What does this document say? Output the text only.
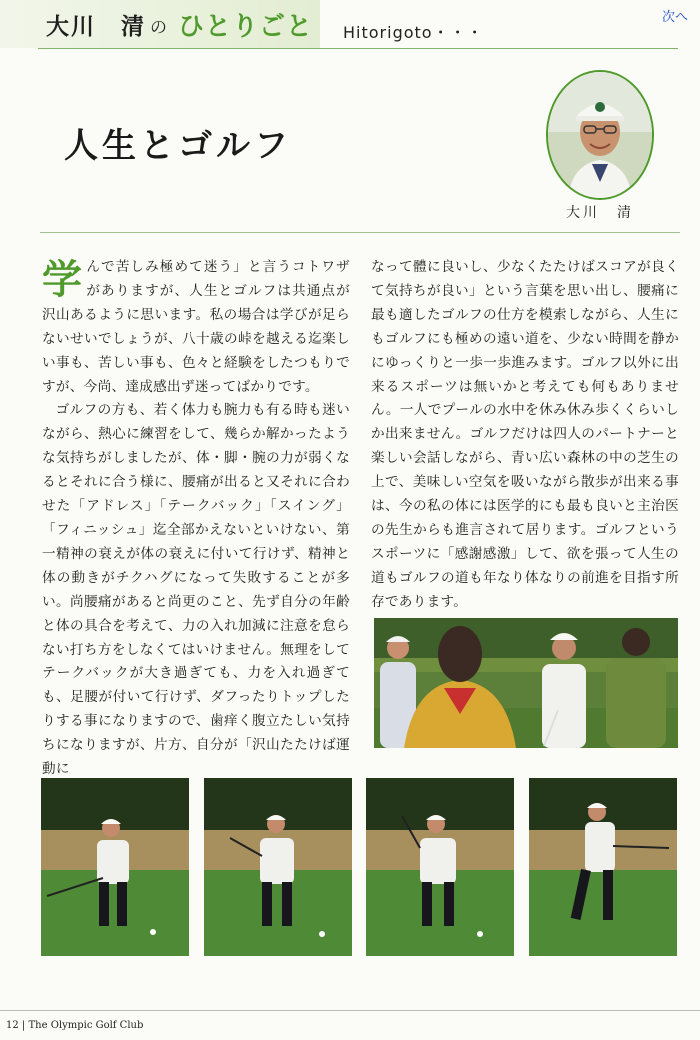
大川　清 の ひとりごと Hitorigoto・・・
次へ
人生とゴルフ
大川　清
学 んで苦しみ極めて迷う」と言うコトワザがありますが、人生とゴルフは共通点が沢山あるように思います。私の場合は学びが足らないせいでしょうが、八十歳の峠を越える迄楽しい事も、苦しい事も、色々と経験をしたつもりですが、今尚、達成感出ず迷ってばかりです。

ゴルフの方も、若く体力も腕力も有る時も迷いながら、熱心に練習をして、幾らか解かったような気持ちがしましたが、体・脚・腕の力が弱くなるとそれに合う様に、腰痛が出ると又それに合わせた「アドレス」「テークバック」「スイング」「フィニッシュ」迄全部かえないといけない、第一精神の衰えが体の衰えに付いて行けず、精神と体の動きがチクハグになって失敗することが多い。尚腰痛があると尚更のこと、先ず自分の年齢と体の具合を考えて、力の入れ加減に注意を怠らない打ち方をしなくてはいけません。無理をしてテークバックが大き過ぎても、力を入れ過ぎても、足腰が付いて行けず、ダフったりトップしたりする事になりますので、歯痒く腹立たしい気持ちになりますが、片方、自分が「沢山たたけば運動に

なって體に良いし、少なくたたけばスコアが良くて気持ちが良い」という言葉を思い出し、腰痛に最も適したゴルフの仕方を模索しながら、人生にもゴルフにも極めの遠い道を、少ない時間を静かにゆっくりと一歩一歩進みます。ゴルフ以外に出来るスポーツは無いかと考えても何もありません。一人でプールの水中を休み休み歩くくらいしか出来ません。ゴルフだけは四人のパートナーと楽しい会話しながら、青い広い森林の中の芝生の上で、美味しい空気を吸いながら散歩が出来る事は、今の私の体には医学的にも最も良いと主治医の先生からも進言されて居ります。ゴルフというスポーツに「感謝感激」して、欲を張って人生の道もゴルフの道も年なり体なりの前進を目指す所存であります。

12 | The Olympic Golf Club
